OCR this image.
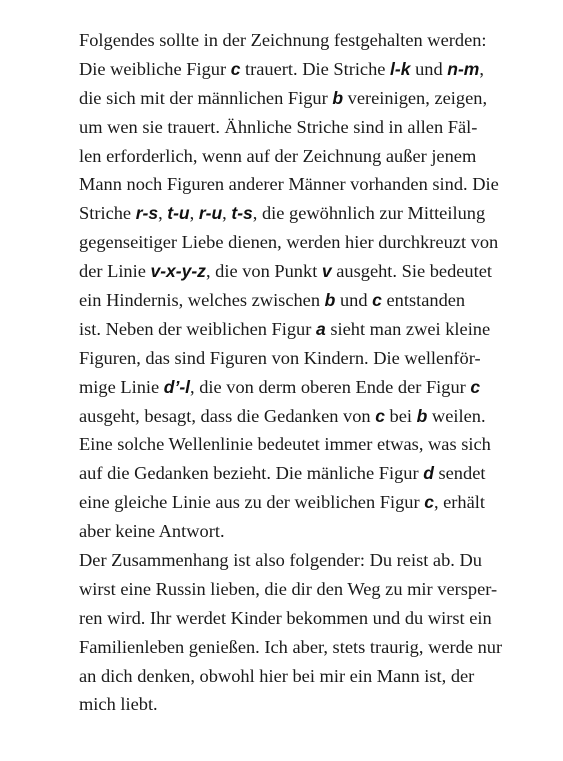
Folgendes sollte in der Zeichnung festgehalten werden:
Die weibliche Figur c trauert. Die Striche l-k und n-m,
die sich mit der männlichen Figur b vereinigen, zeigen,
um wen sie trauert. Ähnliche Striche sind in allen Fäl-
len erforderlich, wenn auf der Zeichnung außer jenem
Mann noch Figuren anderer Männer vorhanden sind. Die
Striche r-s, t-u, r-u, t-s, die gewöhnlich zur Mitteilung
gegenseitiger Liebe dienen, werden hier durchkreuzt von
der Linie v-x-y-z, die von Punkt v ausgeht. Sie bedeutet
ein Hindernis, welches zwischen b und c entstanden
ist. Neben der weiblichen Figur a sieht man zwei kleine
Figuren, das sind Figuren von Kindern. Die wellenför-
mige Linie d’-l, die von derm oberen Ende der Figur c
ausgeht, besagt, dass die Gedanken von c bei b weilen.
Eine solche Wellenlinie bedeutet immer etwas, was sich
auf die Gedanken bezieht. Die mänliche Figur d sendet
eine gleiche Linie aus zu der weiblichen Figur c, erhält
aber keine Antwort.
Der Zusammenhang ist also folgender: Du reist ab. Du
wirst eine Russin lieben, die dir den Weg zu mir versper-
ren wird. Ihr werdet Kinder bekommen und du wirst ein
Familienleben genießen. Ich aber, stets traurig, werde nur
an dich denken, obwohl hier bei mir ein Mann ist, der
mich liebt.
